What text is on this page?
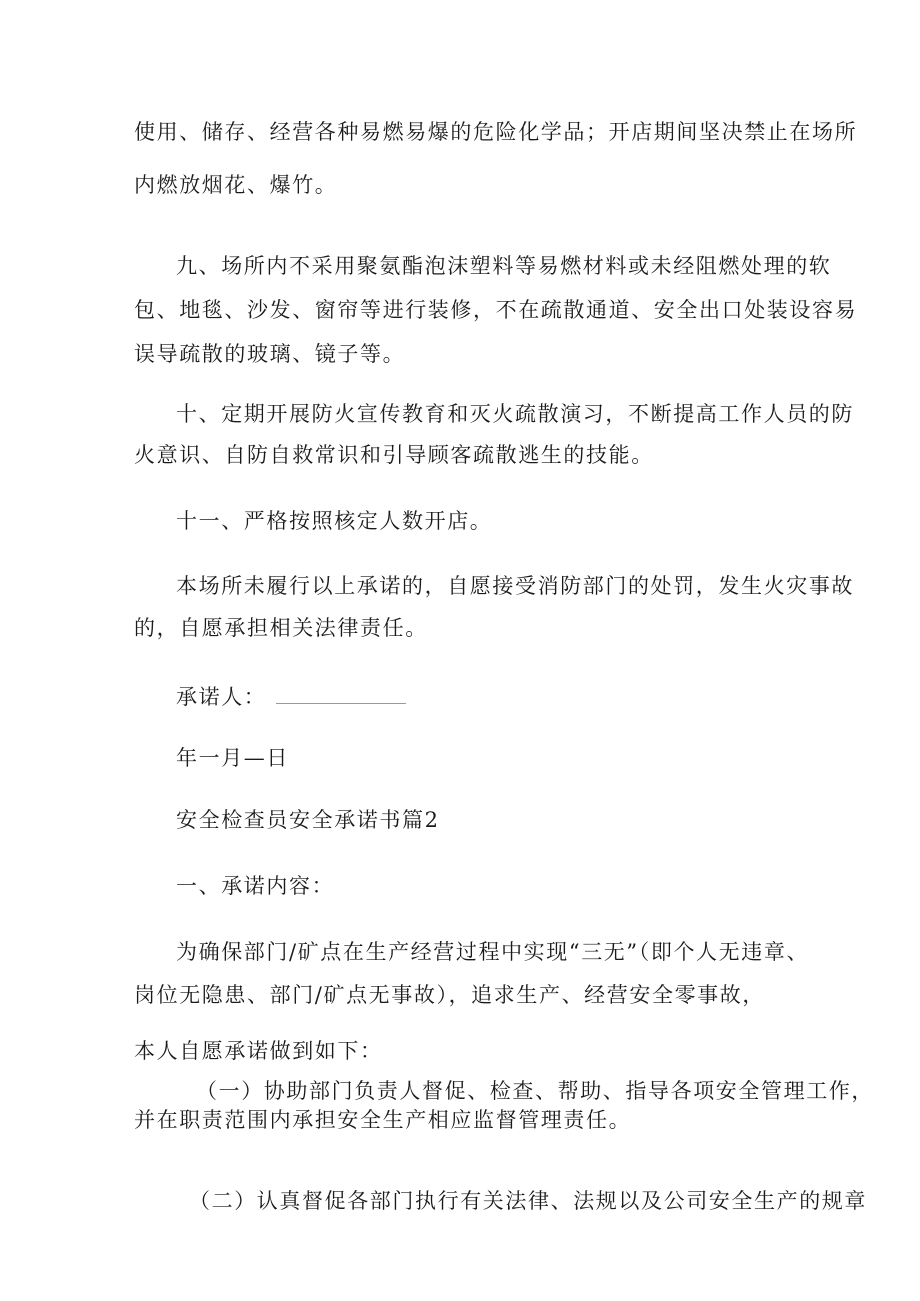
使用、储存、经营各种易燃易爆的危险化学品；开店期间坚决禁止在场所
内燃放烟花、爆竹。
九、场所内不采用聚氨酯泡沫塑料等易燃材料或未经阻燃处理的软
包、地毯、沙发、窗帘等进行装修，不在疏散通道、安全出口处装设容易
误导疏散的玻璃、镜子等。
十、定期开展防火宣传教育和灭火疏散演习，不断提高工作人员的防
火意识、自防自救常识和引导顾客疏散逃生的技能。
十一、严格按照核定人数开店。
本场所未履行以上承诺的，自愿接受消防部门的处罚，发生火灾事故
的，自愿承担相关法律责任。
承诺人：
年一月—日
安全检查员安全承诺书篇2
一、承诺内容：
为确保部门/矿点在生产经营过程中实现“三无”（即个人无违章、
岗位无隐患、部门/矿点无事故），追求生产、经营安全零事故，
本人自愿承诺做到如下：
（一）协助部门负责人督促、检查、帮助、指导各项安全管理工作，
并在职责范围内承担安全生产相应监督管理责任。
（二）认真督促各部门执行有关法律、法规以及公司安全生产的规章
